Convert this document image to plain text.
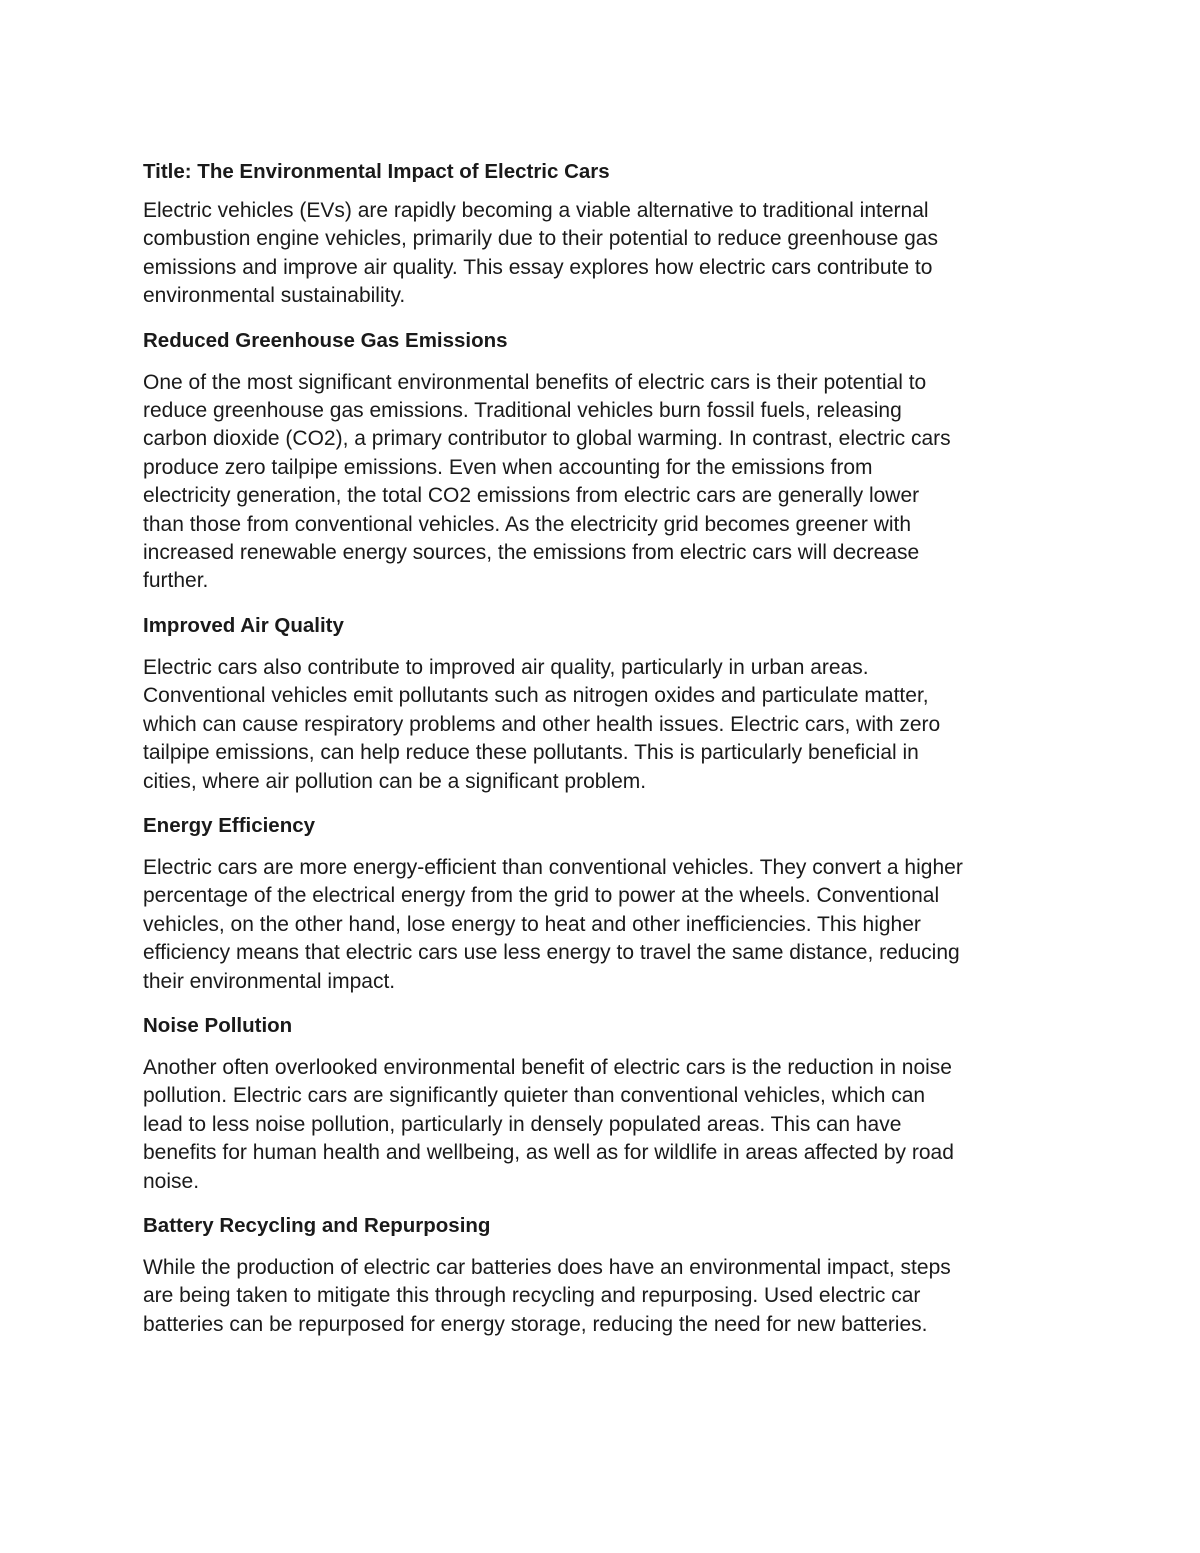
Title: The Environmental Impact of Electric Cars
Electric vehicles (EVs) are rapidly becoming a viable alternative to traditional internal
combustion engine vehicles, primarily due to their potential to reduce greenhouse gas
emissions and improve air quality. This essay explores how electric cars contribute to
environmental sustainability.
Reduced Greenhouse Gas Emissions
One of the most significant environmental benefits of electric cars is their potential to
reduce greenhouse gas emissions. Traditional vehicles burn fossil fuels, releasing
carbon dioxide (CO2), a primary contributor to global warming. In contrast, electric cars
produce zero tailpipe emissions. Even when accounting for the emissions from
electricity generation, the total CO2 emissions from electric cars are generally lower
than those from conventional vehicles. As the electricity grid becomes greener with
increased renewable energy sources, the emissions from electric cars will decrease
further.
Improved Air Quality
Electric cars also contribute to improved air quality, particularly in urban areas.
Conventional vehicles emit pollutants such as nitrogen oxides and particulate matter,
which can cause respiratory problems and other health issues. Electric cars, with zero
tailpipe emissions, can help reduce these pollutants. This is particularly beneficial in
cities, where air pollution can be a significant problem.
Energy Efficiency
Electric cars are more energy-efficient than conventional vehicles. They convert a higher
percentage of the electrical energy from the grid to power at the wheels. Conventional
vehicles, on the other hand, lose energy to heat and other inefficiencies. This higher
efficiency means that electric cars use less energy to travel the same distance, reducing
their environmental impact.
Noise Pollution
Another often overlooked environmental benefit of electric cars is the reduction in noise
pollution. Electric cars are significantly quieter than conventional vehicles, which can
lead to less noise pollution, particularly in densely populated areas. This can have
benefits for human health and wellbeing, as well as for wildlife in areas affected by road
noise.
Battery Recycling and Repurposing
While the production of electric car batteries does have an environmental impact, steps
are being taken to mitigate this through recycling and repurposing. Used electric car
batteries can be repurposed for energy storage, reducing the need for new batteries.
